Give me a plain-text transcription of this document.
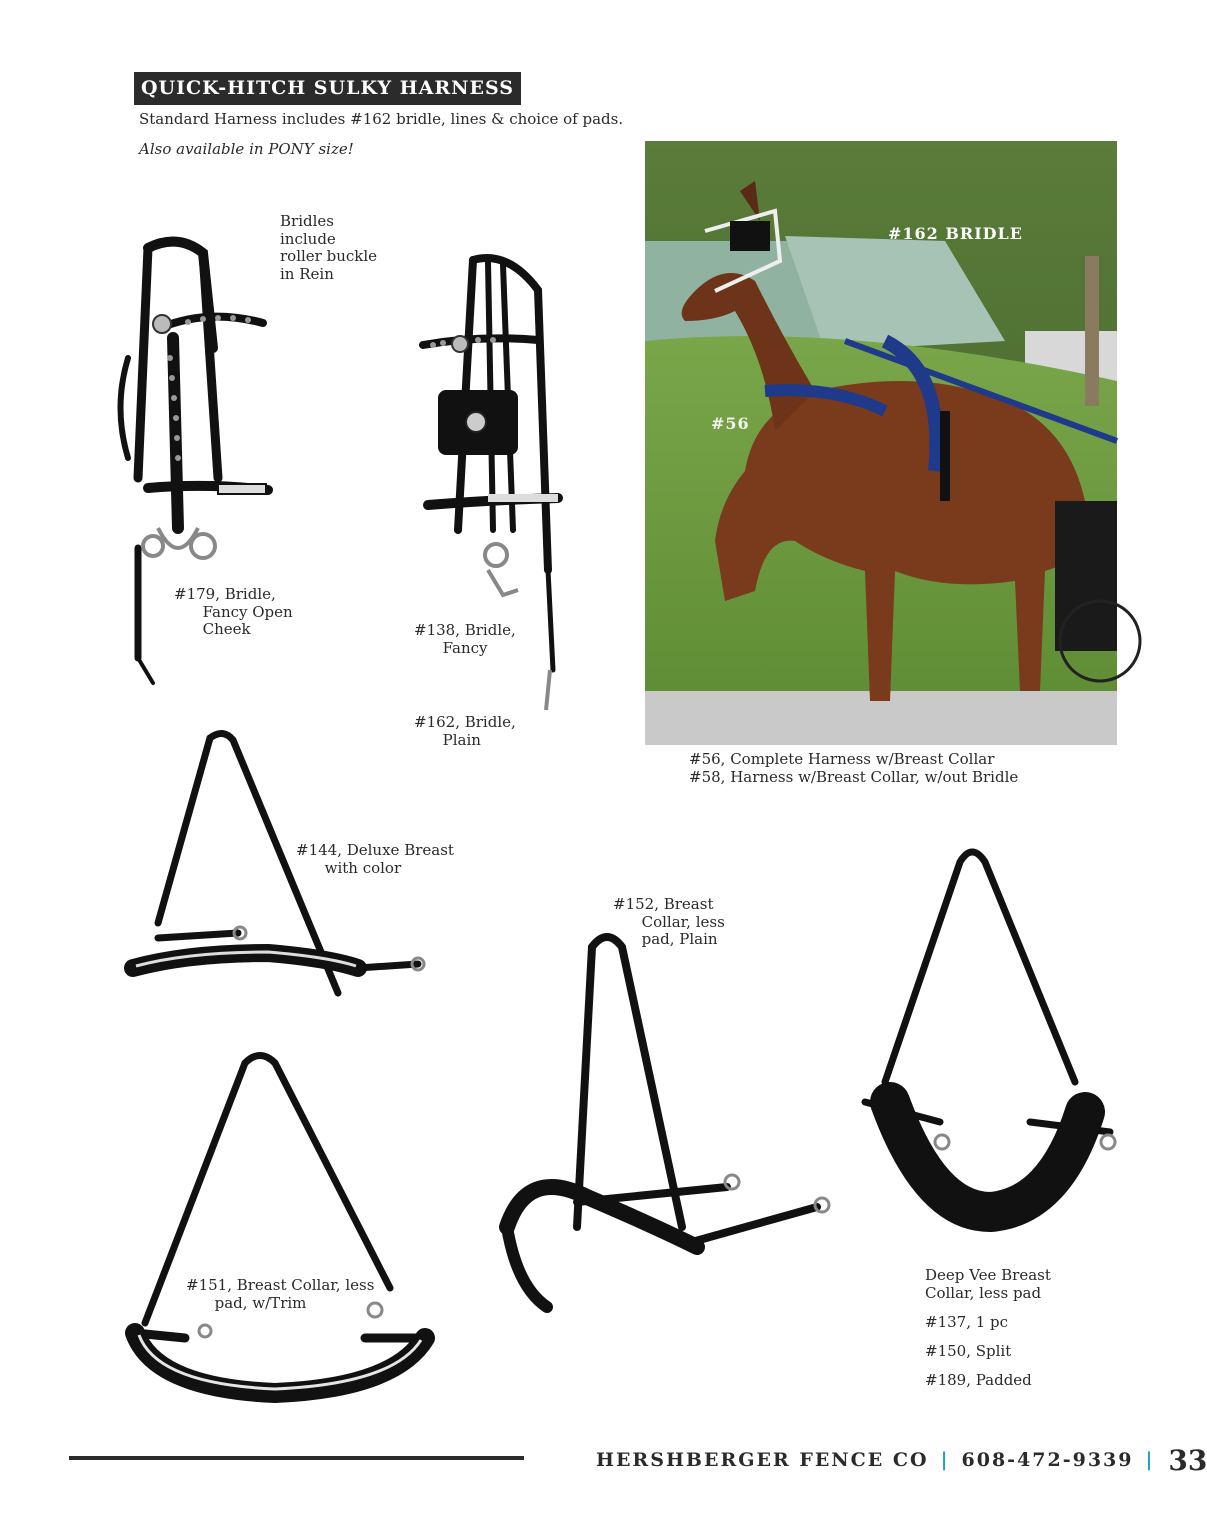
QUICK-HITCH SULKY HARNESS
Standard Harness includes #162 bridle, lines & choice of pads.
Also available in PONY size!
Bridles
include
roller buckle
in Rein
#179, Bridle,
Fancy Open
Cheek	#138, Bridle,
Fancy
#162, Bridle,
Plain
#162 BRIDLE
#56
#56, Complete Harness w/Breast Collar
#58, Harness w/Breast Collar, w/out Bridle
#144, Deluxe Breast
with color
#152, Breast
Collar, less
pad, Plain
#151, Breast Collar, less
pad, w/Trim
Deep Vee Breast
Collar, less pad
#137, 1 pc
#150, Split
#189, Padded
HERSHBERGER FENCE CO | 608-472-9339 | 33
